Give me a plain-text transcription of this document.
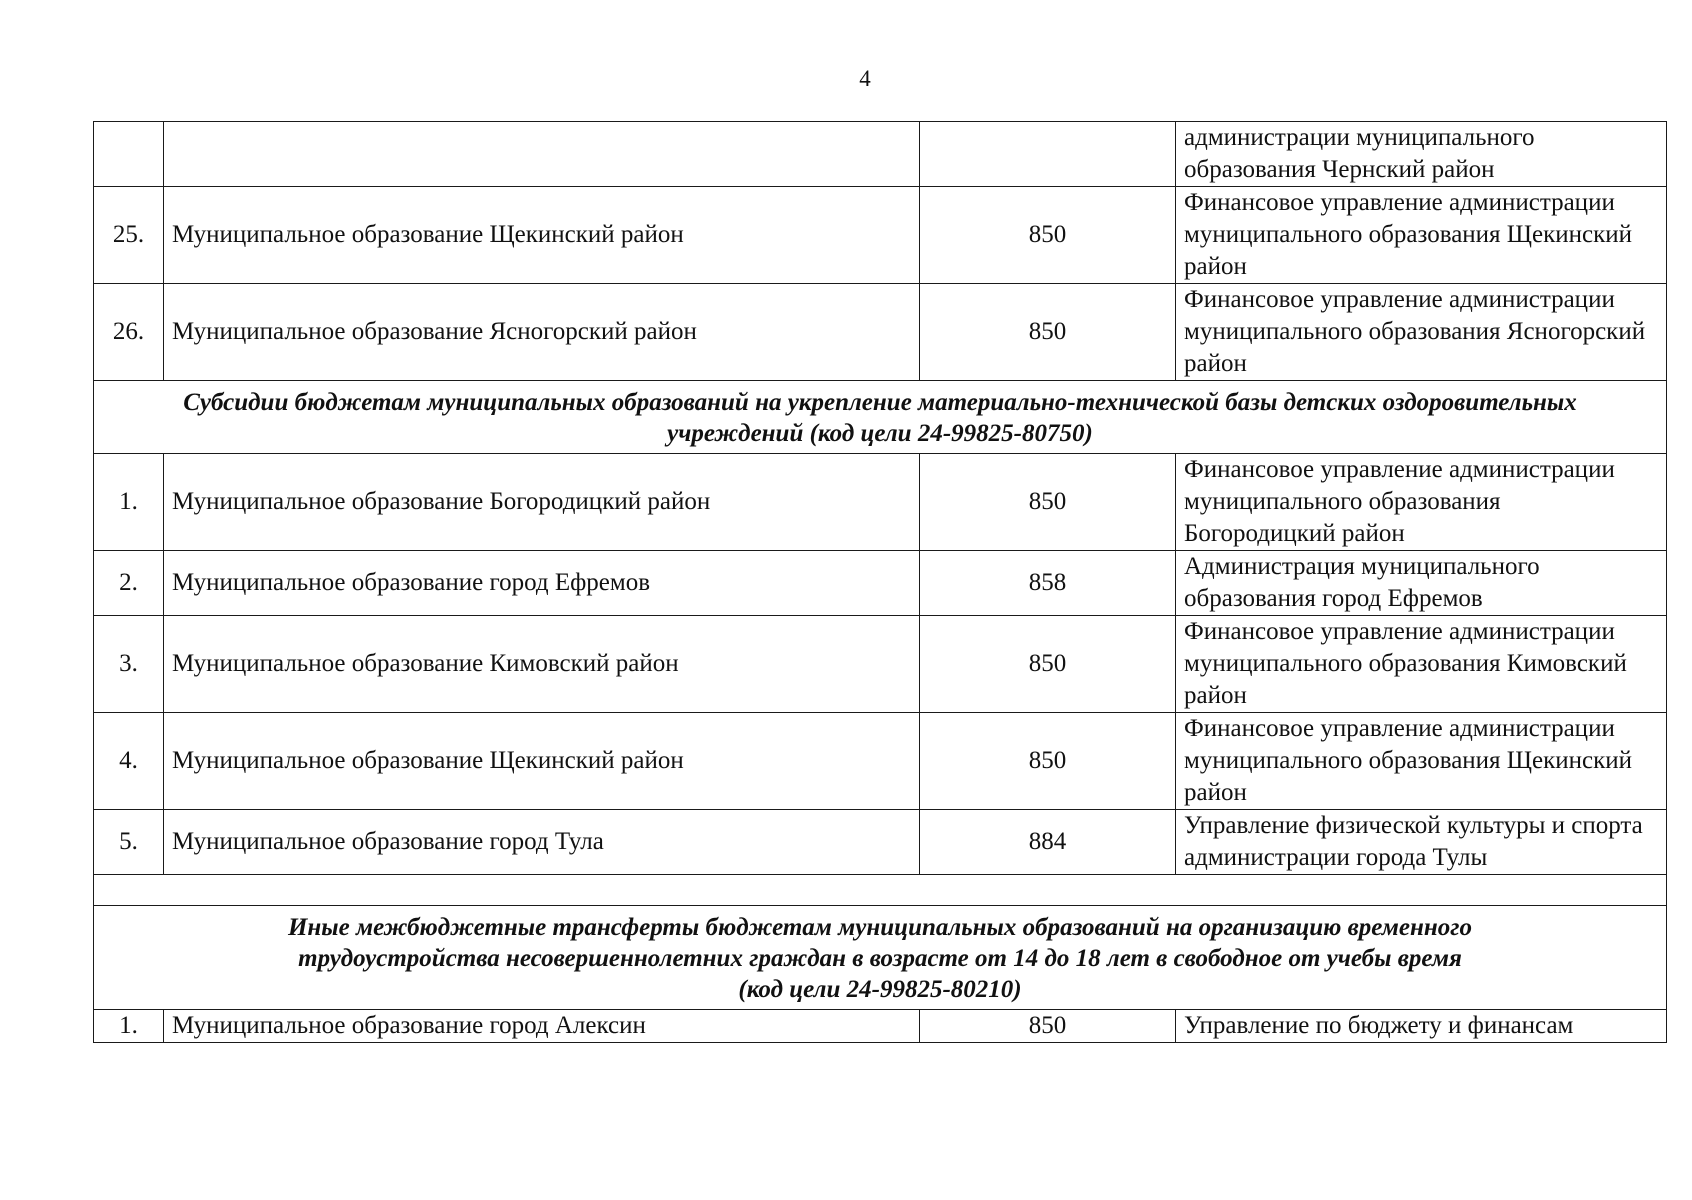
4
			администрации муниципального образования Чернский район
25.	Муниципальное образование Щекинский район	850	Финансовое управление администрации муниципального образования Щекинский район
26.	Муниципальное образование Ясногорский район	850	Финансовое управление администрации муниципального образования Ясногорский район
Субсидии бюджетам муниципальных образований на укрепление материально-технической базы детских оздоровительных учреждений (код цели 24-99825-80750)			
1.	Муниципальное образование Богородицкий район	850	Финансовое управление администрации муниципального образования Богородицкий район
2.	Муниципальное образование город Ефремов	858	Администрация муниципального образования город Ефремов
3.	Муниципальное образование Кимовский район	850	Финансовое управление администрации муниципального образования Кимовский район
4.	Муниципальное образование Щекинский район	850	Финансовое управление администрации муниципального образования Щекинский район
5.	Муниципальное образование город Тула	884	Управление физической культуры и спорта администрации города Тулы

Иные межбюджетные трансферты бюджетам муниципальных образований на организацию временного
трудоустройства несовершеннолетних граждан в возрасте от 14 до 18 лет в свободное от учебы время
(код цели 24-99825-80210)			

1.	Муниципальное образование город Алексин	850	Управление по бюджету и финансам
